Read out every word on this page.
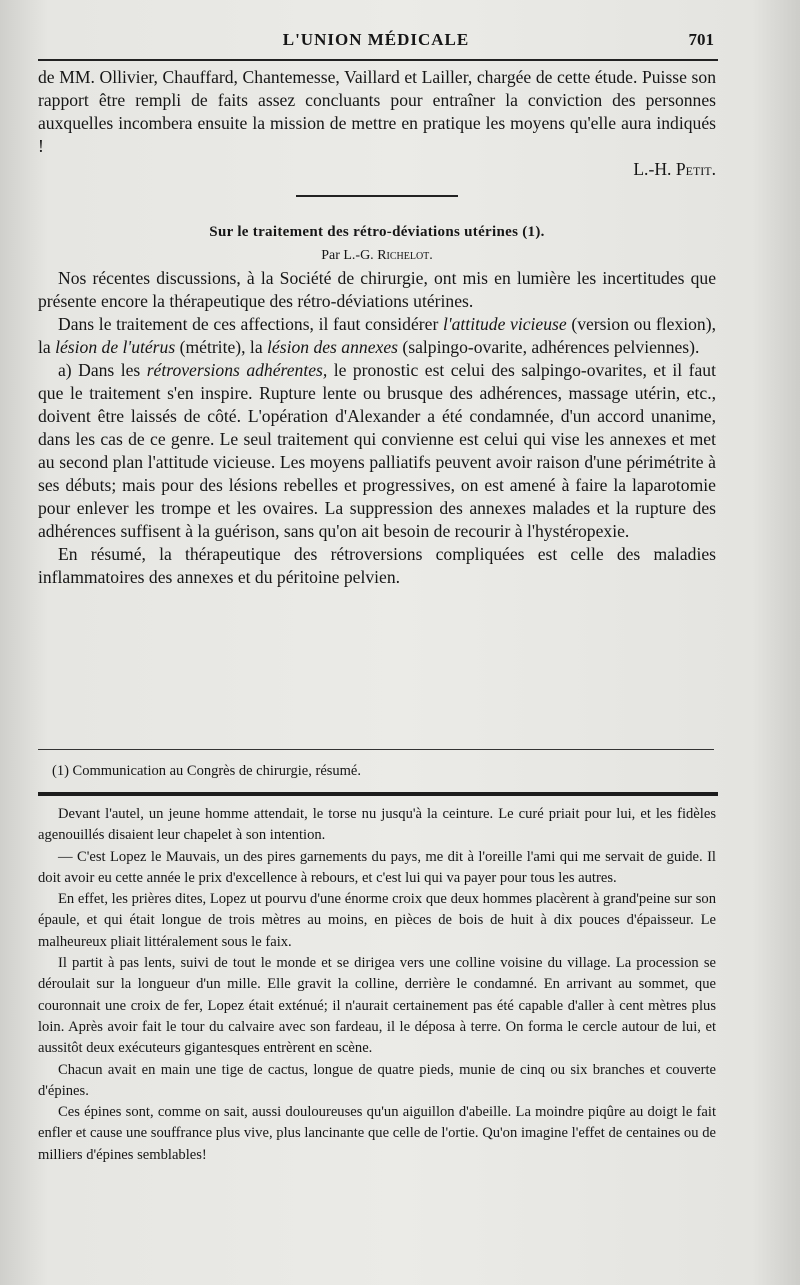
L'UNION MÉDICALE	701

de MM. Ollivier, Chauffard, Chantemesse, Vaillard et Lailler, chargée de cette étude. Puisse son rapport être rempli de faits assez concluants pour entraîner la conviction des personnes auxquelles incombera ensuite la mission de mettre en pratique les moyens qu'elle aura indiqués !

L.-H. Petit.

Sur le traitement des rétro-déviations utérines (1).

Par L.-G. Richelot.

Nos récentes discussions, à la Société de chirurgie, ont mis en lumière les incertitudes que présente encore la thérapeutique des rétro-déviations utérines.

Dans le traitement de ces affections, il faut considérer l'attitude vicieuse (version ou flexion), la lésion de l'utérus (métrite), la lésion des annexes (salpingo-ovarite, adhérences pelviennes).

a) Dans les rétroversions adhérentes, le pronostic est celui des salpingo-ovarites, et il faut que le traitement s'en inspire. Rupture lente ou brusque des adhérences, massage utérin, etc., doivent être laissés de côté. L'opération d'Alexander a été condamnée, d'un accord unanime, dans les cas de ce genre. Le seul traitement qui convienne est celui qui vise les annexes et met au second plan l'attitude vicieuse. Les moyens palliatifs peuvent avoir raison d'une périmétrite à ses débuts; mais pour des lésions rebelles et progressives, on est amené à faire la laparotomie pour enlever les trompe et les ovaires. La suppression des annexes malades et la rupture des adhérences suffisent à la guérison, sans qu'on ait besoin de recourir à l'hystéropexie.

En résumé, la thérapeutique des rétroversions compliquées est celle des maladies inflammatoires des annexes et du péritoine pelvien.

(1) Communication au Congrès de chirurgie, résumé.

Devant l'autel, un jeune homme attendait, le torse nu jusqu'à la ceinture. Le curé priait pour lui, et les fidèles agenouillés disaient leur chapelet à son intention.

— C'est Lopez le Mauvais, un des pires garnements du pays, me dit à l'oreille l'ami qui me servait de guide. Il doit avoir eu cette année le prix d'excellence à rebours, et c'est lui qui va payer pour tous les autres.

En effet, les prières dites, Lopez ut pourvu d'une énorme croix que deux hommes placèrent à grand'peine sur son épaule, et qui était longue de trois mètres au moins, en pièces de bois de huit à dix pouces d'épaisseur. Le malheureux pliait littéralement sous le faix.

Il partit à pas lents, suivi de tout le monde et se dirigea vers une colline voisine du village. La procession se déroulait sur la longueur d'un mille. Elle gravit la colline, derrière le condamné. En arrivant au sommet, que couronnait une croix de fer, Lopez était exténué; il n'aurait certainement pas été capable d'aller à cent mètres plus loin. Après avoir fait le tour du calvaire avec son fardeau, il le déposa à terre. On forma le cercle autour de lui, et aussitôt deux exécuteurs gigantesques entrèrent en scène.

Chacun avait en main une tige de cactus, longue de quatre pieds, munie de cinq ou six branches et couverte d'épines.

Ces épines sont, comme on sait, aussi douloureuses qu'un aiguillon d'abeille. La moindre piqûre au doigt le fait enfler et cause une souffrance plus vive, plus lancinante que celle de l'ortie. Qu'on imagine l'effet de centaines ou de milliers d'épines semblables!
